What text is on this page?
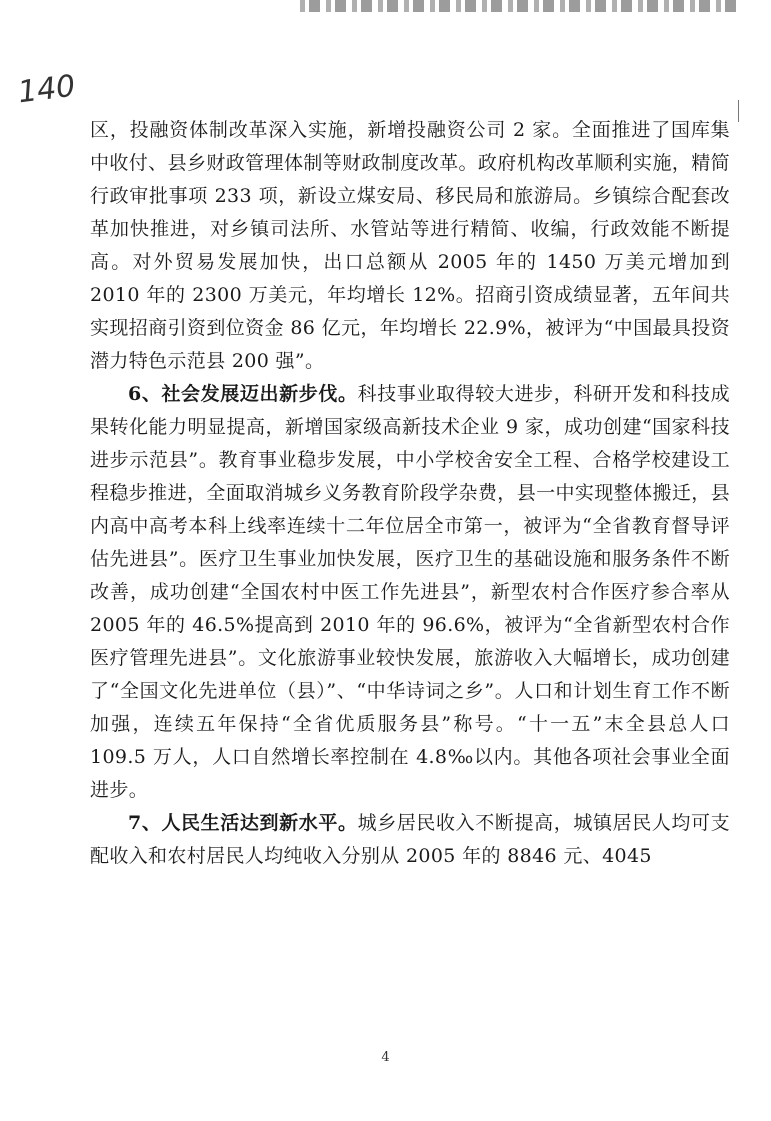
140

区，投融资体制改革深入实施，新增投融资公司 2 家。全面推进了国库集中收付、县乡财政管理体制等财政制度改革。政府机构改革顺利实施，精简行政审批事项 233 项，新设立煤安局、移民局和旅游局。乡镇综合配套改革加快推进，对乡镇司法所、水管站等进行精简、收编，行政效能不断提高。对外贸易发展加快，出口总额从 2005 年的 1450 万美元增加到 2010 年的 2300 万美元，年均增长 12%。招商引资成绩显著，五年间共实现招商引资到位资金 86 亿元，年均增长 22.9%，被评为“中国最具投资潜力特色示范县 200 强”。

6、社会发展迈出新步伐。科技事业取得较大进步，科研开发和科技成果转化能力明显提高，新增国家级高新技术企业 9 家，成功创建“国家科技进步示范县”。教育事业稳步发展，中小学校舍安全工程、合格学校建设工程稳步推进，全面取消城乡义务教育阶段学杂费，县一中实现整体搬迁，县内高中高考本科上线率连续十二年位居全市第一，被评为“全省教育督导评估先进县”。医疗卫生事业加快发展，医疗卫生的基础设施和服务条件不断改善，成功创建“全国农村中医工作先进县”，新型农村合作医疗参合率从 2005 年的 46.5%提高到 2010 年的 96.6%，被评为“全省新型农村合作医疗管理先进县”。文化旅游事业较快发展，旅游收入大幅增长，成功创建了“全国文化先进单位（县）”、“中华诗词之乡”。人口和计划生育工作不断加强，连续五年保持“全省优质服务县”称号。“十一五”末全县总人口 109.5 万人，人口自然增长率控制在 4.8‰以内。其他各项社会事业全面进步。

7、人民生活达到新水平。城乡居民收入不断提高，城镇居民人均可支配收入和农村居民人均纯收入分别从 2005 年的 8846 元、4045

4
